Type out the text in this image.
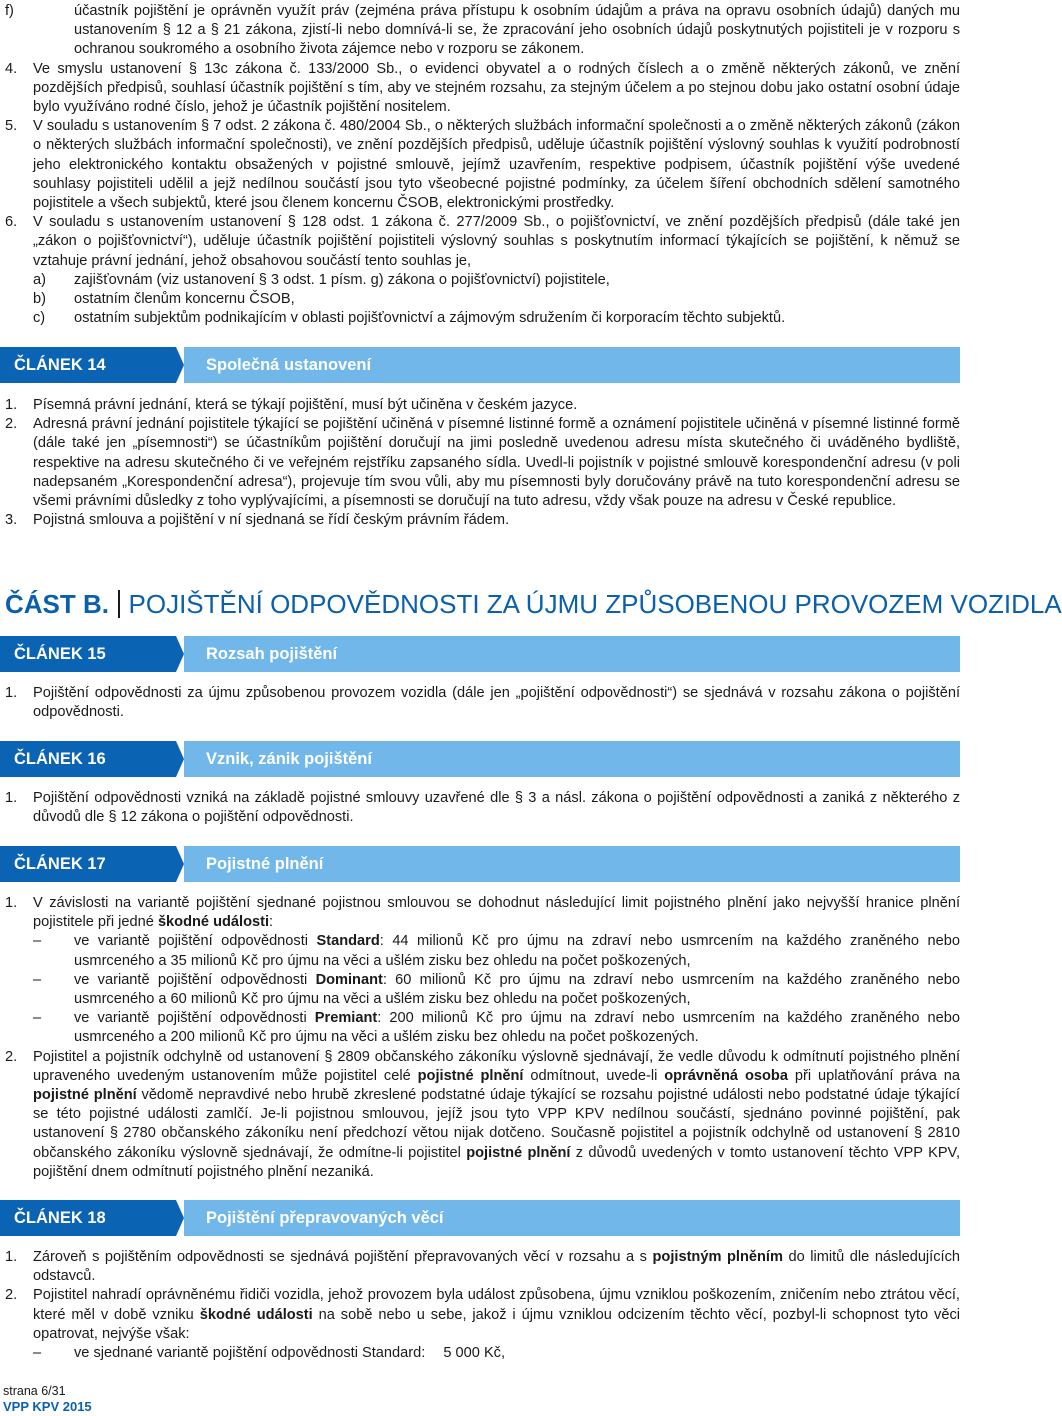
f)	účastník pojištění je oprávněn využít práv (zejména práva přístupu k osobním údajům a práva na opravu osobních údajů) daných mu ustanovením § 12 a § 21 zákona, zjistí-li nebo domnívá-li se, že zpracování jeho osobních údajů poskytnutých pojistiteli je v rozporu s ochranou soukromého a osobního života zájemce nebo v rozporu se zákonem.
4. Ve smyslu ustanovení § 13c zákona č. 133/2000 Sb., o evidenci obyvatel a o rodných číslech a o změně některých zákonů, ve znění pozdějších předpisů, souhlasí účastník pojištění s tím, aby ve stejném rozsahu, za stejným účelem a po stejnou dobu jako ostatní osobní údaje bylo využíváno rodné číslo, jehož je účastník pojištění nositelem.
5. V souladu s ustanovením § 7 odst. 2 zákona č. 480/2004 Sb., o některých službách informační společnosti a o změně některých zákonů (zákon o některých službách informační společnosti), ve znění pozdějších předpisů, uděluje účastník pojištění výslovný souhlas k využití podrobností jeho elektronického kontaktu obsažených v pojistné smlouvě, jejímž uzavřením, respektive podpisem, účastník pojištění výše uvedené souhlasy pojistiteli udělil a jejž nedílnou součástí jsou tyto všeobecné pojistné podmínky, za účelem šíření obchodních sdělení samotného pojistitele a všech subjektů, které jsou členem koncernu ČSOB, elektronickými prostředky.
6. V souladu s ustanovením ustanovení § 128 odst. 1 zákona č. 277/2009 Sb., o pojišťovnictví, ve znění pozdějších předpisů (dále také jen „zákon o pojišťovnictví“), uděluje účastník pojištění pojistiteli výslovný souhlas s poskytnutím informací týkajících se pojištění, k němuž se vztahuje právní jednání, jehož obsahovou součástí tento souhlas je,
a) zajišťovnám (viz ustanovení § 3 odst. 1 písm. g) zákona o pojišťovnictví) pojistitele,
b) ostatním členům koncernu ČSOB,
c) ostatním subjektům podnikajícím v oblasti pojišťovnictví a zájmovým sdružením či korporacím těchto subjektů.
ČLÁNEK 14	Společná ustanovení
1. Písemná právní jednání, která se týkají pojištění, musí být učiněna v českém jazyce.
2. Adresná právní jednání pojistitele týkající se pojištění učiněná v písemné listinné formě a oznámení pojistitele učiněná v písemné listinné formě (dále také jen „písemnosti“) se účastníkům pojištění doručují na jimi posledně uvedenou adresu místa skutečného či uváděného bydliště, respektive na adresu skutečného či ve veřejném rejstříku zapsaného sídla. Uvedl-li pojistník v pojistné smlouvě korespondenční adresu (v poli nadepsaném „Korespondenční adresa“), projevuje tím svou vůli, aby mu písemnosti byly doručovány právě na tuto korespondenční adresu se všemi právními důsledky z toho vyplývajícími, a písemnosti se doručují na tuto adresu, vždy však pouze na adresu v České republice.
3. Pojistná smlouva a pojištění v ní sjednaná se řídí českým právním řádem.
ČÁST B. POJIŠTĚNÍ ODPOVĚDNOSTI ZA ÚJMU ZPŮSOBENOU PROVOZEM VOZIDLA
ČLÁNEK 15	Rozsah pojištění
1. Pojištění odpovědnosti za újmu způsobenou provozem vozidla (dále jen „pojištění odpovědnosti“) se sjednává v rozsahu zákona o pojištění odpovědnosti.
ČLÁNEK 16	Vznik, zánik pojištění
1. Pojištění odpovědnosti vzniká na základě pojistné smlouvy uzavřené dle § 3 a násl. zákona o pojištění odpovědnosti a zaniká z některého z důvodů dle § 12 zákona o pojištění odpovědnosti.
ČLÁNEK 17	Pojistné plnění
1. V závislosti na variantě pojištění sjednané pojistnou smlouvou se dohodnut následující limit pojistného plnění jako nejvyšší hranice plnění pojistitele při jedné škodné události:
– ve variantě pojištění odpovědnosti Standard: 44 milionů Kč pro újmu na zdraví nebo usmrcením na každého zraněného nebo usmrceného a 35 milionů Kč pro újmu na věci a ušlém zisku bez ohledu na počet poškozených,
– ve variantě pojištění odpovědnosti Dominant: 60 milionů Kč pro újmu na zdraví nebo usmrcením na každého zraněného nebo usmrceného a 60 milionů Kč pro újmu na věci a ušlém zisku bez ohledu na počet poškozených,
– ve variantě pojištění odpovědnosti Premiant: 200 milionů Kč pro újmu na zdraví nebo usmrcením na každého zraněného nebo usmrceného a 200 milionů Kč pro újmu na věci a ušlém zisku bez ohledu na počet poškozených.
2. Pojistitel a pojistník odchylně od ustanovení § 2809 občanského zákoníku výslovně sjednávají, že vedle důvodu k odmítnutí pojistného plnění upraveného uvedeným ustanovením může pojistitel celé pojistné plnění odmítnout, uvede-li oprávněná osoba při uplatňování práva na pojistné plnění vědomě nepravdivé nebo hrubě zkreslené podstatné údaje týkající se rozsahu pojistné události nebo podstatné údaje týkající se této pojistné události zamlčí. Je-li pojistnou smlouvou, jejíž jsou tyto VPP KPV nedílnou součástí, sjednáno povinné pojištění, pak ustanovení § 2780 občanského zákoníku není předchozí větou nijak dotčeno. Současně pojistitel a pojistník odchylně od ustanovení § 2810 občanského zákoníku výslovně sjednávají, že odmítne-li pojistitel pojistné plnění z důvodů uvedených v tomto ustanovení těchto VPP KPV, pojištění dnem odmítnutí pojistného plnění nezaniká.
ČLÁNEK 18	Pojištění přepravovaných věcí
1. Zároveň s pojištěním odpovědnosti se sjednává pojištění přepravovaných věcí v rozsahu a s pojistným plněním do limitů dle následujících odstavců.
2. Pojistitel nahradí oprávněnému řidiči vozidla, jehož provozem byla událost způsobena, újmu vzniklou poškozením, zničením nebo ztrátou věcí, které měl v době vzniku škodné události na sobě nebo u sebe, jakož i újmu vzniklou odcizením těchto věcí, pozbyl-li schopnost tyto věci opatrovat, nejvýše však:
– ve sjednané variantě pojištění odpovědnosti Standard: 5 000 Kč,
strana 6/31
VPP KPV 2015
